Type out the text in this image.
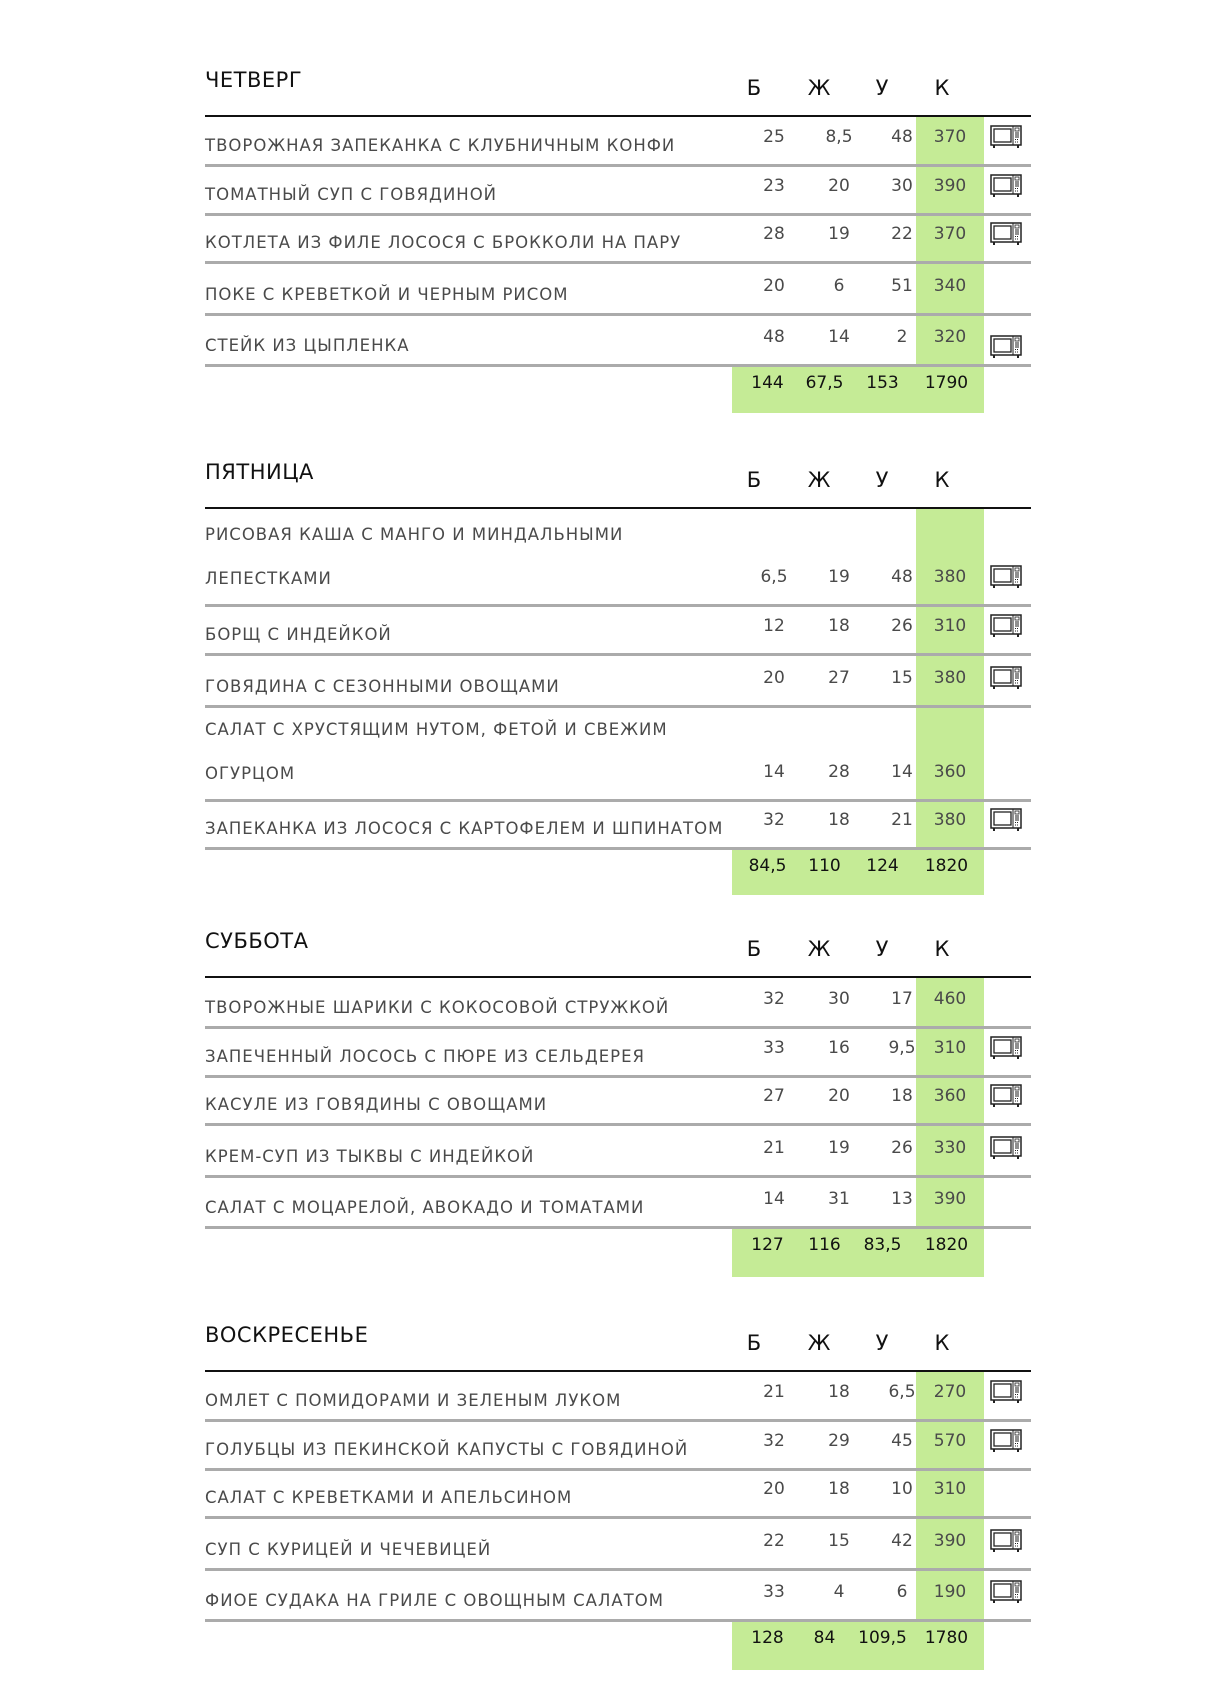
ЧЕТВЕРГ	Б	Ж	У	К
ТВОРОЖНАЯ ЗАПЕКАНКА С КЛУБНИЧНЫМ КОНФИ	25	8,5	48	370
ТОМАТНЫЙ СУП С ГОВЯДИНОЙ	23	20	30	390
КОТЛЕТА ИЗ ФИЛЕ ЛОСОСЯ С БРОККОЛИ НА ПАРУ	28	19	22	370
ПОКЕ С КРЕВЕТКОЙ И ЧЕРНЫМ РИСОМ	20	6	51	340
СТЕЙК ИЗ ЦЫПЛЕНКА	48	14	2	320
144	67,5	153	1790
ПЯТНИЦА	Б	Ж	У	К
РИСОВАЯ КАША С МАНГО И МИНДАЛЬНЫМИ
ЛЕПЕСТКАМИ	6,5	19	48	380
БОРЩ С ИНДЕЙКОЙ	12	18	26	310
ГОВЯДИНА С СЕЗОННЫМИ ОВОЩАМИ	20	27	15	380
САЛАТ С ХРУСТЯЩИМ НУТОМ, ФЕТОЙ И СВЕЖИМ
ОГУРЦОМ	14	28	14	360
ЗАПЕКАНКА ИЗ ЛОСОСЯ С КАРТОФЕЛЕМ И ШПИНАТОМ	32	18	21	380
84,5	110	124	1820
СУББОТА	Б	Ж	У	К
ТВОРОЖНЫЕ ШАРИКИ С КОКОСОВОЙ СТРУЖКОЙ	32	30	17	460
ЗАПЕЧЕННЫЙ ЛОСОСЬ С ПЮРЕ ИЗ СЕЛЬДЕРЕЯ	33	16	9,5	310
КАСУЛЕ ИЗ ГОВЯДИНЫ С ОВОЩАМИ	27	20	18	360
КРЕМ-СУП ИЗ ТЫКВЫ С ИНДЕЙКОЙ	21	19	26	330
САЛАТ С МОЦАРЕЛОЙ, АВОКАДО И ТОМАТАМИ	14	31	13	390
127	116	83,5	1820
ВОСКРЕСЕНЬЕ	Б	Ж	У	К
ОМЛЕТ С ПОМИДОРАМИ И ЗЕЛЕНЫМ ЛУКОМ	21	18	6,5	270
ГОЛУБЦЫ ИЗ ПЕКИНСКОЙ КАПУСТЫ С ГОВЯДИНОЙ	32	29	45	570
САЛАТ С КРЕВЕТКАМИ И АПЕЛЬСИНОМ	20	18	10	310
СУП С КУРИЦЕЙ И ЧЕЧЕВИЦЕЙ	22	15	42	390
ФИОЕ СУДАКА НА ГРИЛЕ С ОВОЩНЫМ САЛАТОМ	33	4	6	190
128	84	109,5	1780
